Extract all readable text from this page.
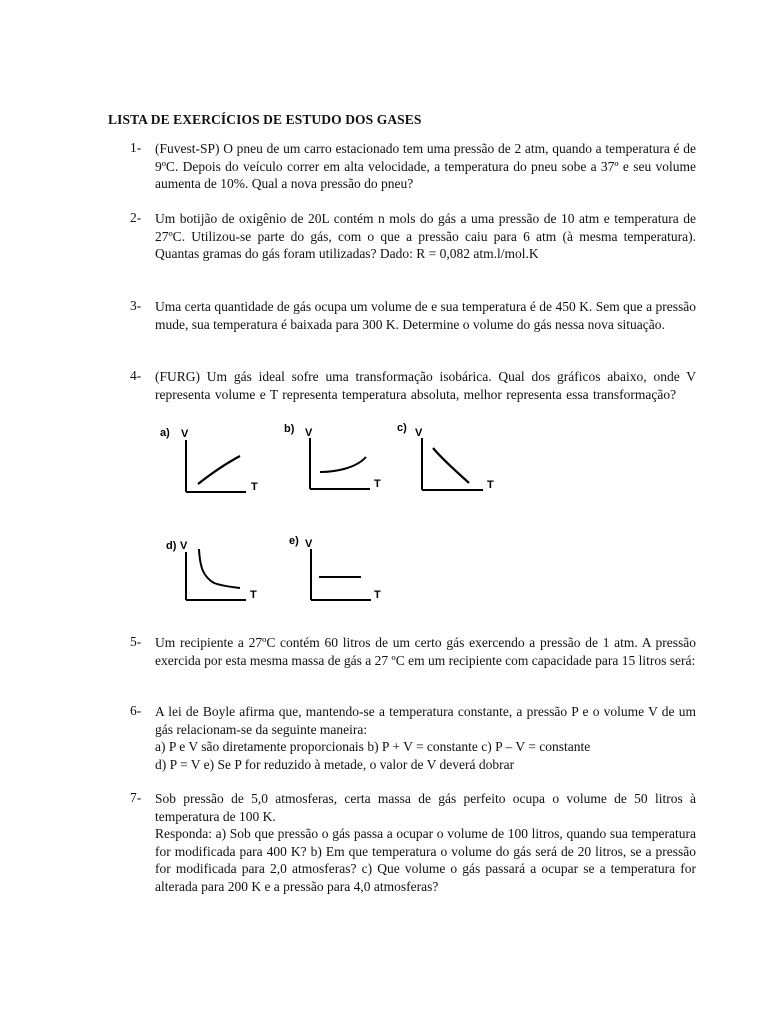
LISTA DE EXERCÍCIOS DE ESTUDO DOS GASES
1- (Fuvest-SP) O pneu de um carro estacionado tem uma pressão de 2 atm, quando a temperatura é de 9ºC. Depois do veículo correr em alta velocidade, a temperatura do pneu sobe a 37º e seu volume aumenta de 10%. Qual a nova pressão do pneu?
2- Um botijão de oxigênio de 20L contém n mols do gás a uma pressão de 10 atm e temperatura de 27ºC. Utilizou-se parte do gás, com o que a pressão caiu para 6 atm (à mesma temperatura). Quantas gramas do gás foram utilizadas? Dado: R = 0,082 atm.l/mol.K
3- Uma certa quantidade de gás ocupa um volume de e sua temperatura é de 450 K. Sem que a pressão mude, sua temperatura é baixada para 300 K. Determine o volume do gás nessa nova situação.
4- (FURG) Um gás ideal sofre uma transformação isobárica. Qual dos gráficos abaixo, onde V representa volume e T representa temperatura absoluta, melhor representa essa transformação?
a) V
T
b) V
T
c) V
T
d) V
T
e) V
T
5- Um recipiente a 27ºC contém 60 litros de um certo gás exercendo a pressão de 1 atm. A pressão exercida por esta mesma massa de gás a 27 ºC em um recipiente com capacidade para 15 litros será:
6- A lei de Boyle afirma que, mantendo-se a temperatura constante, a pressão P e o volume V de um gás relacionam-se da seguinte maneira:

a) P e V são diretamente proporcionais b) P + V = constante c) P – V = constante

d) P = V e) Se P for reduzido à metade, o valor de V deverá dobrar

7- Sob pressão de 5,0 atmosferas, certa massa de gás perfeito ocupa o volume de 50 litros à temperatura de 100 K.

Responda: a) Sob que pressão o gás passa a ocupar o volume de 100 litros, quando sua temperatura for modificada para 400 K? b) Em que temperatura o volume do gás será de 20 litros, se a pressão for modificada para 2,0 atmosferas? c) Que volume o gás passará a ocupar se a temperatura for alterada para 200 K e a pressão para 4,0 atmosferas?
